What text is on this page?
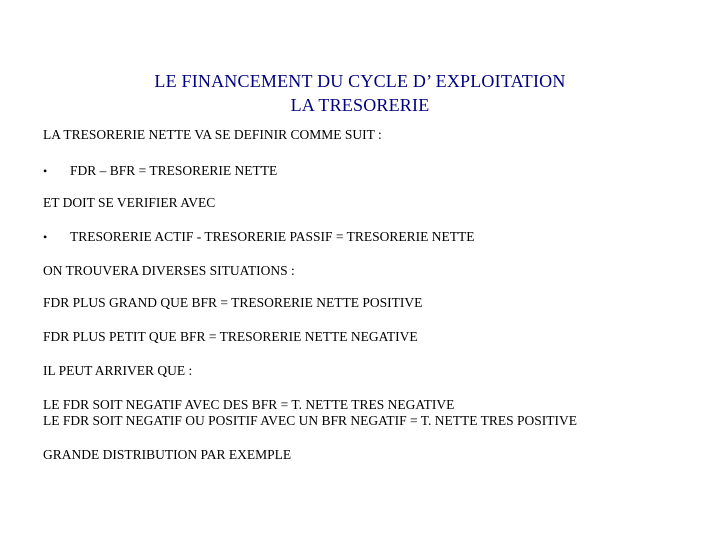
LE FINANCEMENT DU CYCLE D’ EXPLOITATION
LA TRESORERIE
LA TRESORERIE NETTE VA SE DEFINIR COMME SUIT :
• FDR – BFR = TRESORERIE NETTE
ET DOIT SE VERIFIER AVEC
• TRESORERIE ACTIF - TRESORERIE PASSIF = TRESORERIE NETTE
ON TROUVERA DIVERSES SITUATIONS :
FDR PLUS GRAND QUE BFR = TRESORERIE NETTE POSITIVE
FDR PLUS PETIT QUE BFR = TRESORERIE NETTE NEGATIVE
IL PEUT ARRIVER QUE :
LE FDR SOIT NEGATIF AVEC DES BFR = T. NETTE TRES NEGATIVE
LE FDR SOIT NEGATIF OU POSITIF AVEC UN BFR NEGATIF = T. NETTE TRES POSITIVE
GRANDE DISTRIBUTION PAR EXEMPLE
